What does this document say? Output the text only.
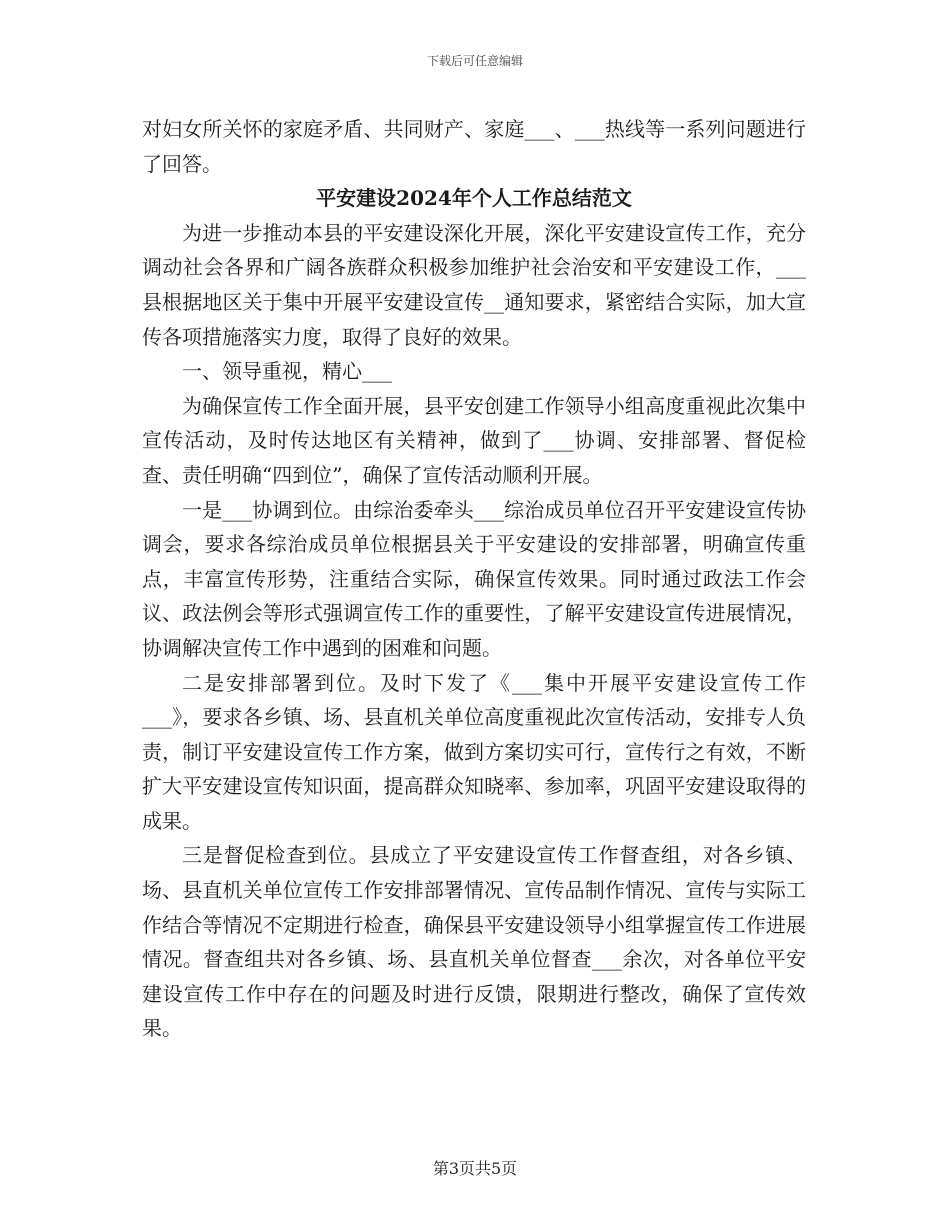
下载后可任意编辑

对妇女所关怀的家庭矛盾、共同财产、家庭___、___热线等一系列问题进行了回答。

平安建设2024年个人工作总结范文

为进一步推动本县的平安建设深化开展，深化平安建设宣传工作，充分调动社会各界和广阔各族群众积极参加维护社会治安和平安建设工作，___县根据地区关于集中开展平安建设宣传__通知要求，紧密结合实际，加大宣传各项措施落实力度，取得了良好的效果。

一、领导重视，精心___

为确保宣传工作全面开展，县平安创建工作领导小组高度重视此次集中宣传活动，及时传达地区有关精神，做到了___协调、安排部署、督促检查、责任明确“四到位”，确保了宣传活动顺利开展。

一是___协调到位。由综治委牵头___综治成员单位召开平安建设宣传协调会，要求各综治成员单位根据县关于平安建设的安排部署，明确宣传重点，丰富宣传形势，注重结合实际，确保宣传效果。同时通过政法工作会议、政法例会等形式强调宣传工作的重要性，了解平安建设宣传进展情况，协调解决宣传工作中遇到的困难和问题。

二是安排部署到位。及时下发了《___集中开展平安建设宣传工作___》，要求各乡镇、场、县直机关单位高度重视此次宣传活动，安排专人负责，制订平安建设宣传工作方案，做到方案切实可行，宣传行之有效，不断扩大平安建设宣传知识面，提高群众知晓率、参加率，巩固平安建设取得的成果。

三是督促检查到位。县成立了平安建设宣传工作督查组，对各乡镇、场、县直机关单位宣传工作安排部署情况、宣传品制作情况、宣传与实际工作结合等情况不定期进行检查，确保县平安建设领导小组掌握宣传工作进展情况。督查组共对各乡镇、场、县直机关单位督查___余次，对各单位平安建设宣传工作中存在的问题及时进行反馈，限期进行整改，确保了宣传效果。

第3页共5页
